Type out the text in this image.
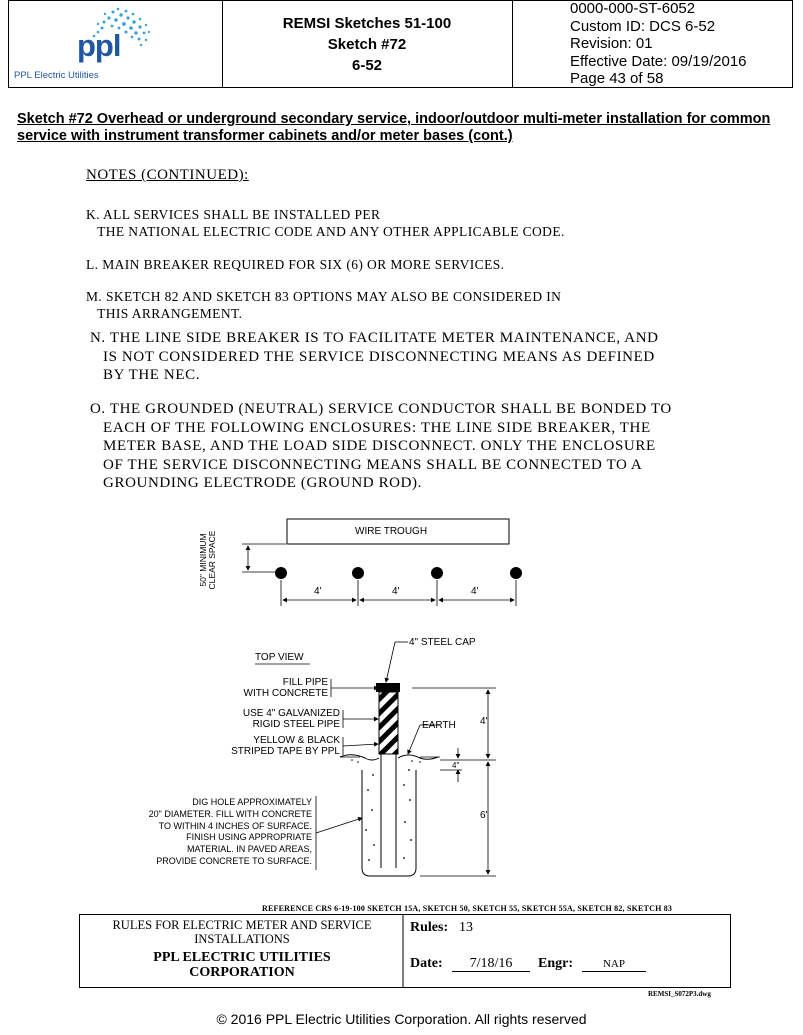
ppl
PPL Electric Utilities
REMSI Sketches 51-100
Sketch #72
6-52
0000-000-ST-6052
Custom ID: DCS 6-52
Revision: 01
Effective Date: 09/19/2016
Page 43 of 58
Sketch #72 Overhead or underground secondary service, indoor/outdoor multi-meter installation for common service with instrument transformer cabinets and/or meter bases (cont.)
NOTES (CONTINUED):
K. ALL SERVICES SHALL BE INSTALLED PER
THE NATIONAL ELECTRIC CODE AND ANY OTHER APPLICABLE CODE.
L. MAIN BREAKER REQUIRED FOR SIX (6) OR MORE SERVICES.
M. SKETCH 82 AND SKETCH 83 OPTIONS MAY ALSO BE CONSIDERED IN
THIS ARRANGEMENT.
N. THE LINE SIDE BREAKER IS TO FACILITATE METER MAINTENANCE, AND
IS NOT CONSIDERED THE SERVICE DISCONNECTING MEANS AS DEFINED
BY THE NEC.
O. THE GROUNDED (NEUTRAL) SERVICE CONDUCTOR SHALL BE BONDED TO
EACH OF THE FOLLOWING ENCLOSURES: THE LINE SIDE BREAKER, THE
METER BASE, AND THE LOAD SIDE DISCONNECT. ONLY THE ENCLOSURE
OF THE SERVICE DISCONNECTING MEANS SHALL BE CONNECTED TO A
GROUNDING ELECTRODE (GROUND ROD).
WIRE TROUGH
50" MINIMUM CLEAR SPACE
4'	4'	4'
TOP VIEW
4" STEEL CAP
FILL PIPE
WITH CONCRETE
USE 4" GALVANIZED
RIGID STEEL PIPE
YELLOW & BLACK
STRIPED TAPE BY PPL
EARTH 4'
4"
6'
DIG HOLE APPROXIMATELY
20" DIAMETER. FILL WITH CONCRETE
TO WITHIN 4 INCHES OF SURFACE.
FINISH USING APPROPRIATE
MATERIAL. IN PAVED AREAS,
PROVIDE CONCRETE TO SURFACE.
REFERENCE CRS 6-19-100 SKETCH 15A, SKETCH 50, SKETCH 55, SKETCH 55A, SKETCH 82, SKETCH 83
RULES FOR ELECTRIC METER AND SERVICE
INSTALLATIONS
PPL ELECTRIC UTILITIES
CORPORATION
Rules: 13
Date:	7/18/16	Engr:	NAP
REMSI_S072P3.dwg
© 2016 PPL Electric Utilities Corporation. All rights reserved
